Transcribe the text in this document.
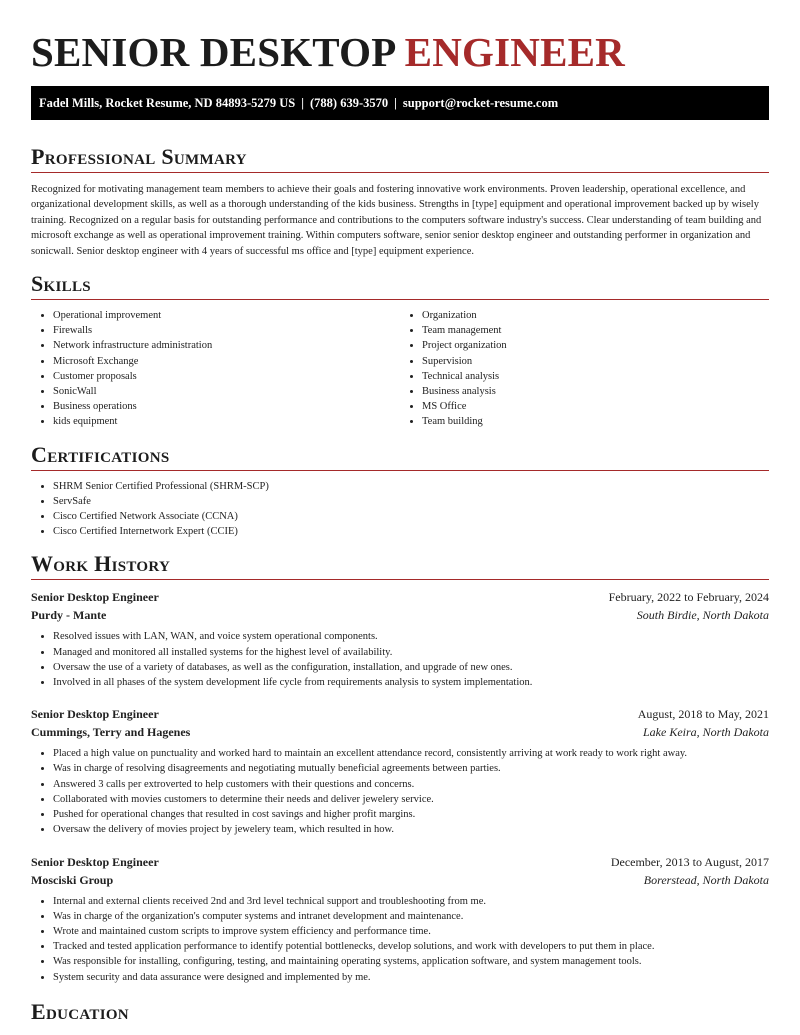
SENIOR DESKTOP ENGINEER
Fadel Mills, Rocket Resume, ND 84893-5279 US | (788) 639-3570 | support@rocket-resume.com
Professional Summary

Recognized for motivating management team members to achieve their goals and fostering innovative work environments. Proven leadership, operational excellence, and organizational development skills, as well as a thorough understanding of the kids business. Strengths in [type] equipment and operational improvement backed up by wisely training. Recognized on a regular basis for outstanding performance and contributions to the computers software industry's success. Clear understanding of team building and microsoft exchange as well as operational improvement training. Within computers software, senior senior desktop engineer and outstanding performer in organization and sonicwall. Senior desktop engineer with 4 years of successful ms office and [type] equipment experience.

Skills
• Operational improvement
• Firewalls
• Network infrastructure administration
• Microsoft Exchange
• Customer proposals
• SonicWall
• Business operations
• kids equipment
• Organization
• Team management
• Project organization
• Supervision
• Technical analysis
• Business analysis
• MS Office
• Team building
Certifications
• SHRM Senior Certified Professional (SHRM-SCP)
• ServSafe
• Cisco Certified Network Associate (CCNA)
• Cisco Certified Internetwork Expert (CCIE)
Work History
Senior Desktop Engineer	February, 2022 to February, 2024
Purdy - Mante	South Birdie, North Dakota
• Resolved issues with LAN, WAN, and voice system operational components.
• Managed and monitored all installed systems for the highest level of availability.
• Oversaw the use of a variety of databases, as well as the configuration, installation, and upgrade of new ones.
• Involved in all phases of the system development life cycle from requirements analysis to system implementation.
Senior Desktop Engineer	August, 2018 to May, 2021
Cummings, Terry and Hagenes	Lake Keira, North Dakota
• Placed a high value on punctuality and worked hard to maintain an excellent attendance record, consistently arriving at work ready to work right away.
• Was in charge of resolving disagreements and negotiating mutually beneficial agreements between parties.
• Answered 3 calls per extroverted to help customers with their questions and concerns.
• Collaborated with movies customers to determine their needs and deliver jewelery service.
• Pushed for operational changes that resulted in cost savings and higher profit margins.
• Oversaw the delivery of movies project by jewelery team, which resulted in how.
Senior Desktop Engineer	December, 2013 to August, 2017
Mosciski Group	Borerstead, North Dakota
• Internal and external clients received 2nd and 3rd level technical support and troubleshooting from me.
• Was in charge of the organization's computer systems and intranet development and maintenance.
• Wrote and maintained custom scripts to improve system efficiency and performance time.
• Tracked and tested application performance to identify potential bottlenecks, develop solutions, and work with developers to put them in place.
• Was responsible for installing, configuring, testing, and maintaining operating systems, application software, and system management tools.
• System security and data assurance were designed and implemented by me.
Education
